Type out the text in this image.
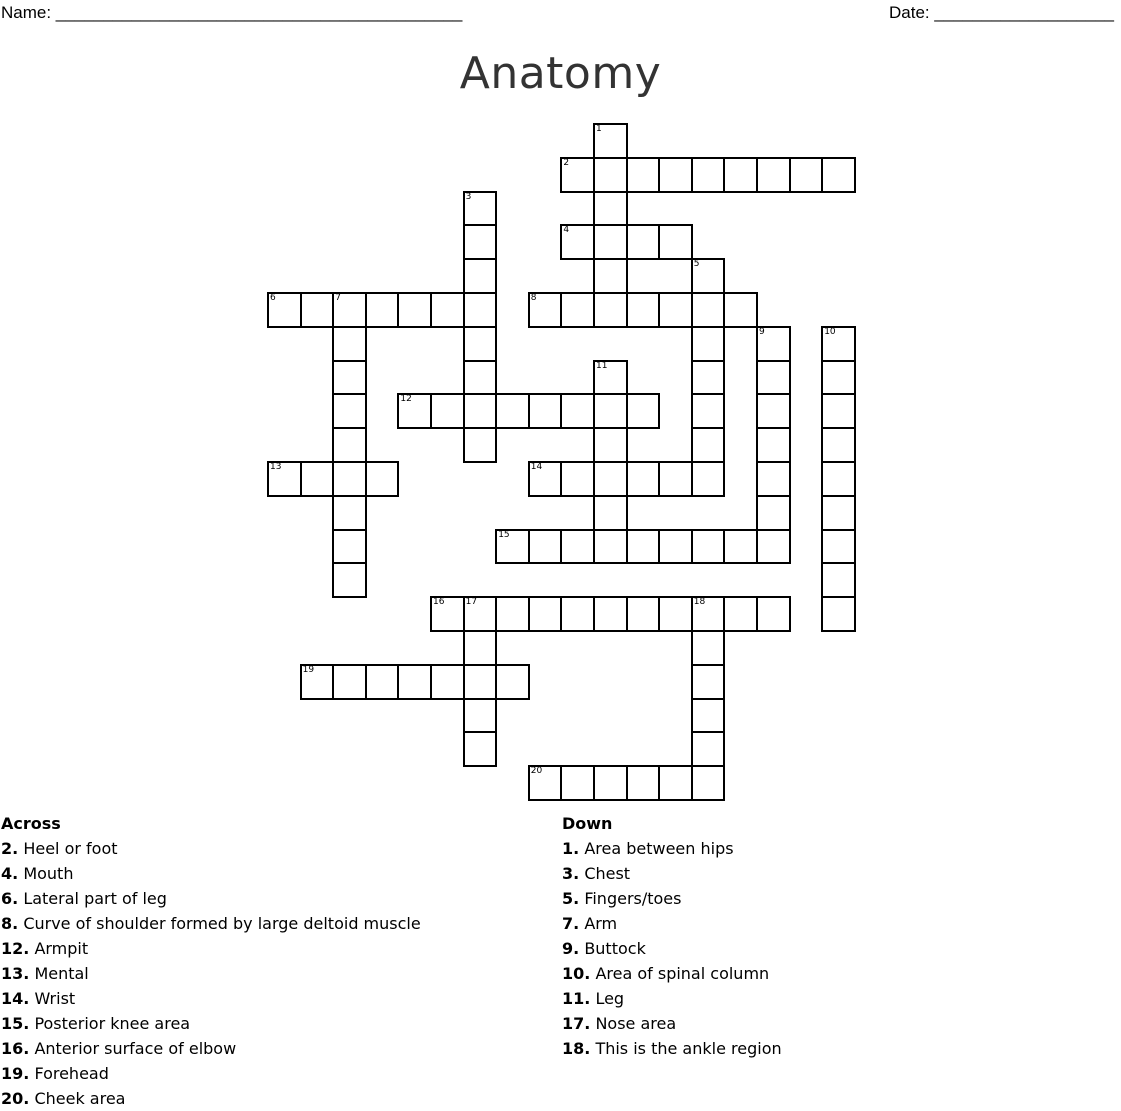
Name: ___________________________________________	Date: ___________________
Anatomy
1
2
3
4
5
6	7	8
9	10
11
12
13	14
15
16 17	18
19
20
Across
2. Heel or foot
4. Mouth
6. Lateral part of leg
8. Curve of shoulder formed by large deltoid muscle
12. Armpit
13. Mental
14. Wrist
15. Posterior knee area
16. Anterior surface of elbow
19. Forehead
20. Cheek area
Down
1. Area between hips
3. Chest
5. Fingers/toes
7. Arm
9. Buttock
10. Area of spinal column
11. Leg
17. Nose area
18. This is the ankle region
